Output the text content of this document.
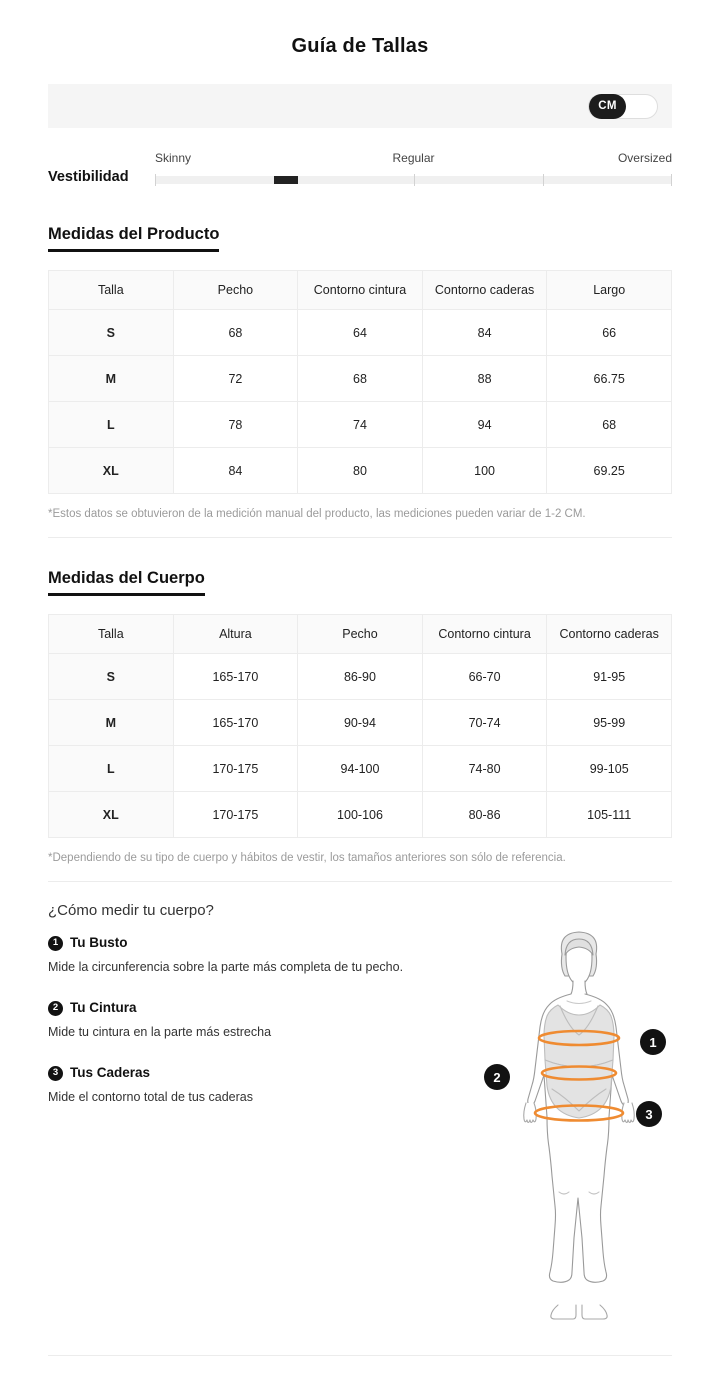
Guía de Tallas
CM
Vestibilidad
Skinny	Regular	Oversized
Medidas del Producto
Talla	Pecho	Contorno cintura	Contorno caderas	Largo
S	68	64	84	66
M	72	68	88	66.75
L	78	74	94	68
XL	84	80	100	69.25
*Estos datos se obtuvieron de la medición manual del producto, las mediciones pueden variar de 1-2 CM.
Medidas del Cuerpo
Talla	Altura	Pecho	Contorno cintura	Contorno caderas
S	165-170	86-90	66-70	91-95
M	165-170	90-94	70-74	95-99
L	170-175	94-100	74-80	99-105
XL	170-175	100-106	80-86	105-111
*Dependiendo de su tipo de cuerpo y hábitos de vestir, los tamaños anteriores son sólo de referencia.
¿Cómo medir tu cuerpo?
1 Tu Busto
Mide la circunferencia sobre la parte más completa de tu pecho.
2 Tu Cintura
Mide tu cintura en la parte más estrecha
3 Tus Caderas
Mide el contorno total de tus caderas
1
2
3
